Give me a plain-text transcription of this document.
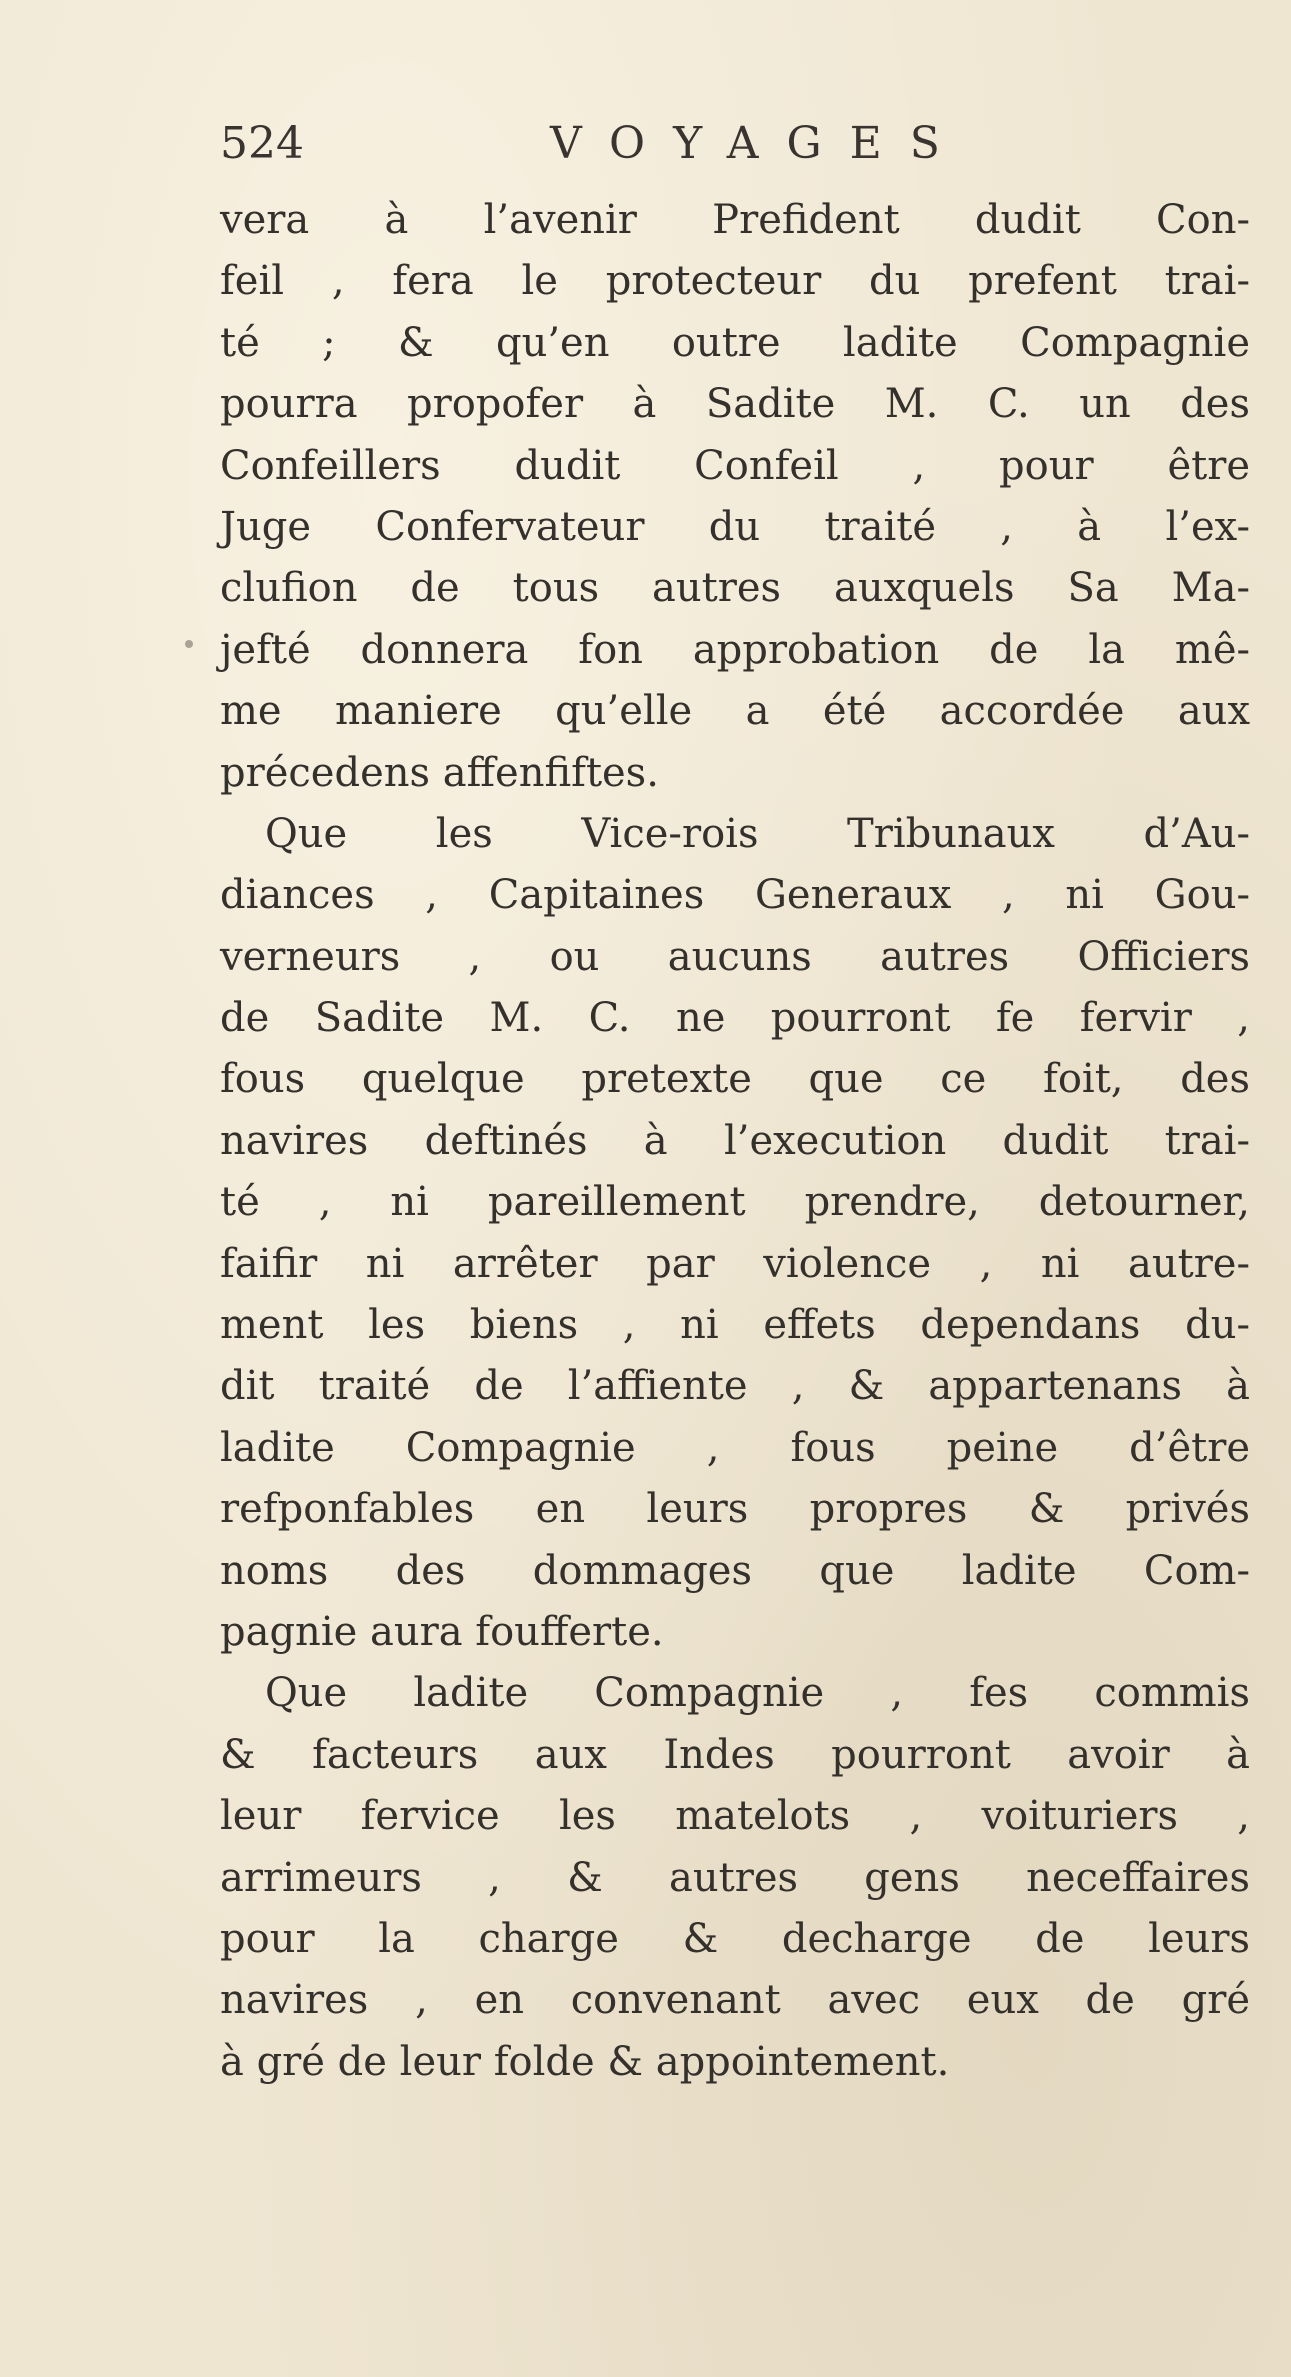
524	VOYAGES
vera à l’avenir Prefident dudit Con-
feil , fera le protecteur du prefent trai-
té ; & qu’en outre ladite Compagnie
pourra propofer à Sadite M. C. un des
Confeillers dudit Confeil , pour être
Juge Confervateur du traité , à l’ex-
clufion de tous autres auxquels Sa Ma-
jefté donnera fon approbation de la mê-
me maniere qu’elle a été accordée aux
précedens affenfiftes.
Que les Vice-rois Tribunaux d’Au-
diances , Capitaines Generaux , ni Gou-
verneurs , ou aucuns autres Officiers
de Sadite M. C. ne pourront fe fervir ,
fous quelque pretexte que ce foit, des
navires deftinés à l’execution dudit trai-
té , ni pareillement prendre, detourner,
faifir ni arrêter par violence , ni autre-
ment les biens , ni effets dependans du-
dit traité de l’affiente , & appartenans à
ladite Compagnie , fous peine d’être
refponfables en leurs propres & privés
noms des dommages que ladite Com-
pagnie aura foufferte.
Que ladite Compagnie , fes commis
& facteurs aux Indes pourront avoir à
leur fervice les matelots , voituriers ,
arrimeurs , & autres gens neceffaires
pour la charge & decharge de leurs
navires , en convenant avec eux de gré
à gré de leur folde & appointement.
